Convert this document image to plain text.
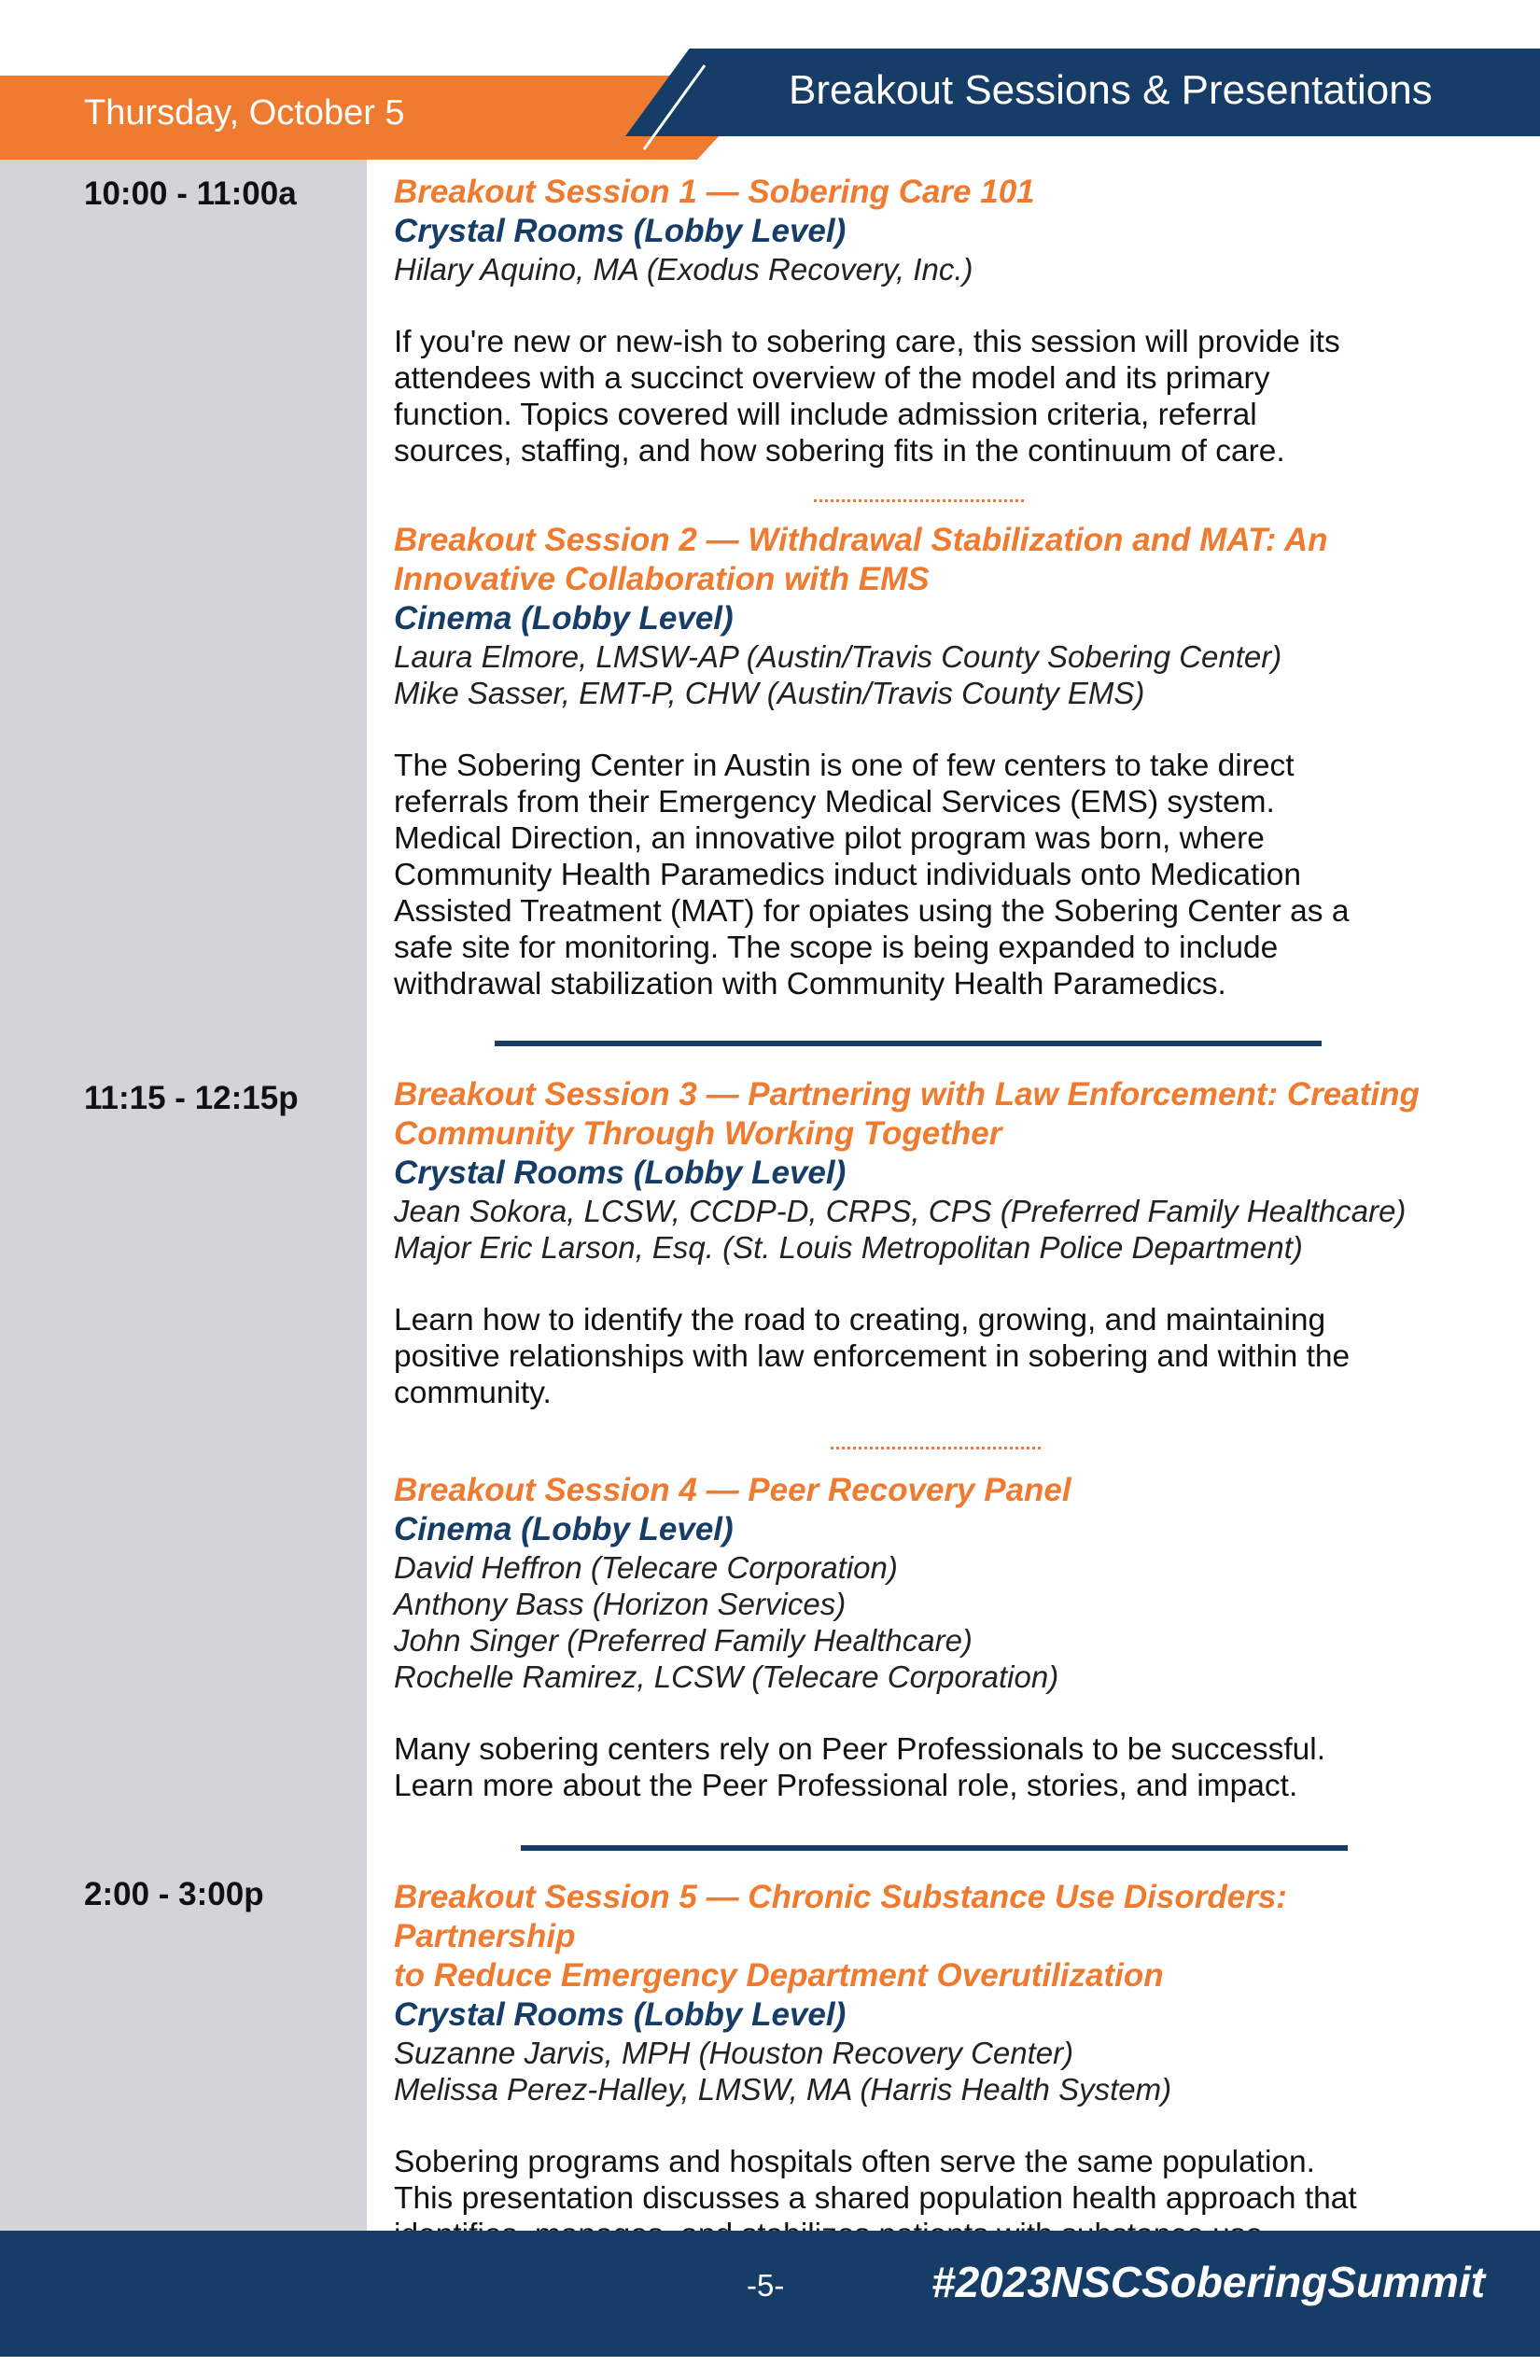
Thursday, October 5	Breakout Sessions & Presentations
10:00 - 11:00a
11:15 - 12:15p
2:00 - 3:00p
Breakout Session 1 — Sobering Care 101
Crystal Rooms (Lobby Level)
Hilary Aquino, MA (Exodus Recovery, Inc.)
If you're new or new-ish to sobering care, this session will provide its
attendees with a succinct overview of the model and its primary
function. Topics covered will include admission criteria, referral
sources, staffing, and how sobering fits in the continuum of care.
Breakout Session 2 — Withdrawal Stabilization and MAT: An
Innovative Collaboration with EMS
Cinema (Lobby Level)
Laura Elmore, LMSW-AP (Austin/Travis County Sobering Center)
Mike Sasser, EMT-P, CHW (Austin/Travis County EMS)
The Sobering Center in Austin is one of few centers to take direct
referrals from their Emergency Medical Services (EMS) system.
Medical Direction, an innovative pilot program was born, where
Community Health Paramedics induct individuals onto Medication
Assisted Treatment (MAT) for opiates using the Sobering Center as a
safe site for monitoring. The scope is being expanded to include
withdrawal stabilization with Community Health Paramedics.
Breakout Session 3 — Partnering with Law Enforcement: Creating
Community Through Working Together
Crystal Rooms (Lobby Level)
Jean Sokora, LCSW, CCDP-D, CRPS, CPS (Preferred Family Healthcare)
Major Eric Larson, Esq. (St. Louis Metropolitan Police Department)
Learn how to identify the road to creating, growing, and maintaining
positive relationships with law enforcement in sobering and within the
community.
Breakout Session 4 — Peer Recovery Panel
Cinema (Lobby Level)
David Heffron (Telecare Corporation)
Anthony Bass (Horizon Services)
John Singer (Preferred Family Healthcare)
Rochelle Ramirez, LCSW (Telecare Corporation)
Many sobering centers rely on Peer Professionals to be successful.
Learn more about the Peer Professional role, stories, and impact.
Breakout Session 5 — Chronic Substance Use Disorders: Partnership
to Reduce Emergency Department Overutilization
Crystal Rooms (Lobby Level)
Suzanne Jarvis, MPH (Houston Recovery Center)
Melissa Perez-Halley, LMSW, MA (Harris Health System)
Sobering programs and hospitals often serve the same population.
This presentation discusses a shared population health approach that
-5-	#2023NSCSoberingSummit
